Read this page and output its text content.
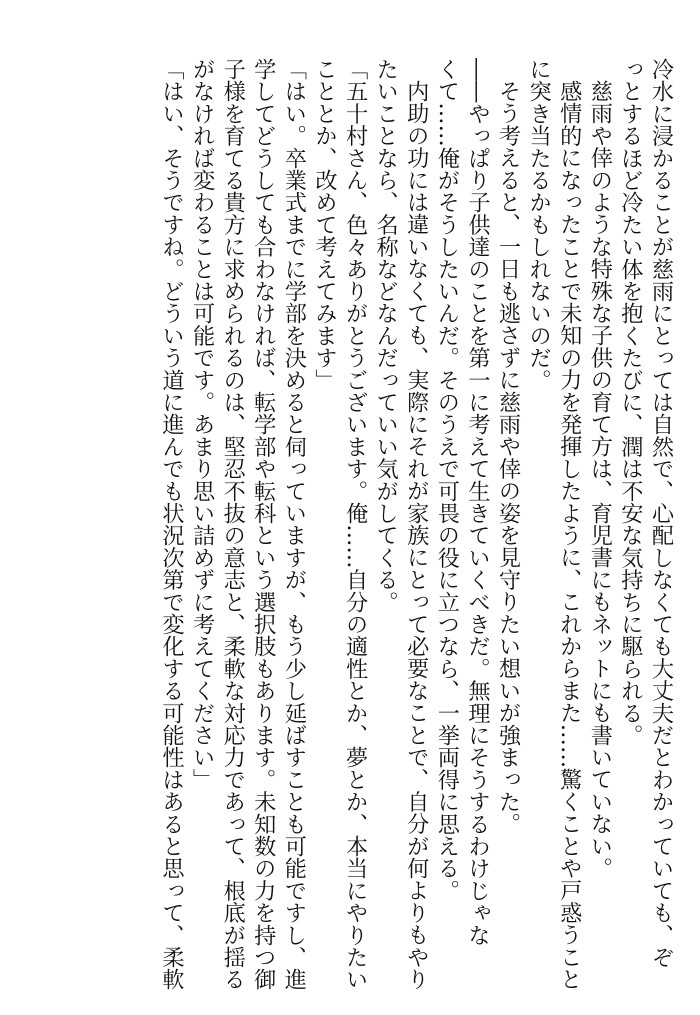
冷水に浸かることが慈雨にとっては自然で、心配しなくても大丈夫だとわかっていても、ぞ
っとするほど冷たい体を抱くたびに、潤は不安な気持ちに駆られる。
慈雨や倖のような特殊な子供の育て方は、育児書にもネットにも書いていない。
感情的になったことで未知の力を発揮したように、これからまた……驚くことや戸惑うこと
に突き当たるかもしれないのだ。
そう考えると、一日も逃さずに慈雨や倖の姿を見守りたい想いが強まった。
――やっぱり子供達のことを第一に考えて生きていくべきだ。無理にそうするわけじゃな
くて……俺がそうしたいんだ。そのうえで可畏の役に立つなら、一挙両得に思える。
内助の功には違いなくても、実際にそれが家族にとって必要なことで、自分が何よりもやり
たいことなら、名称などなんだっていい気がしてくる。
「五十村さん、色々ありがとうございます。俺……自分の適性とか、夢とか、本当にやりたい
こととか、改めて考えてみます」
「はい。卒業式までに学部を決めると伺っていますが、もう少し延ばすことも可能ですし、進
学してどうしても合わなければ、転学部や転科という選択肢もあります。未知数の力を持つ御
子様を育てる貴方に求められるのは、堅忍不抜の意志と、柔軟な対応力であって、根底が揺る
がなければ変わることは可能です。あまり思い詰めずに考えてください」
「はい、そうですね。どういう道に進んでも状況次第で変化する可能性はあると思って、柔軟
